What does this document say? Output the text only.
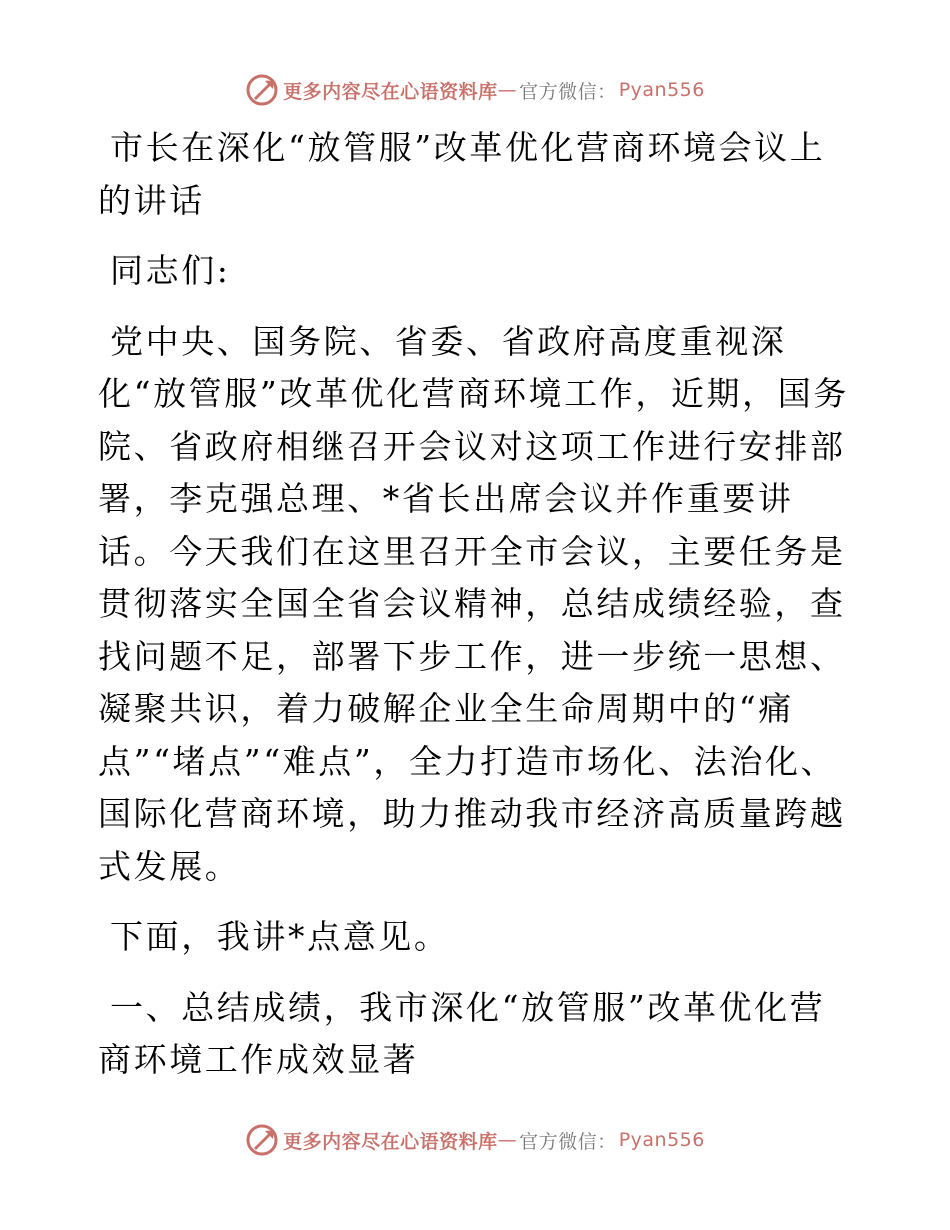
更多内容尽在心语资料库 — 官方微信： Pyan556

市长在深化“放管服”改革优化营商环境会议上的讲话

同志们:

党中央、国务院、省委、省政府高度重视深化“放管服”改革优化营商环境工作，近期，国务院、省政府相继召开会议对这项工作进行安排部署，李克强总理、*省长出席会议并作重要讲话。今天我们在这里召开全市会议，主要任务是贯彻落实全国全省会议精神，总结成绩经验，查找问题不足，部署下步工作，进一步统一思想、凝聚共识，着力破解企业全生命周期中的“痛点”“堵点”“难点”，全力打造市场化、法治化、国际化营商环境，助力推动我市经济高质量跨越式发展。

下面，我讲*点意见。

一、总结成绩，我市深化“放管服”改革优化营商环境工作成效显著

更多内容尽在心语资料库 — 官方微信： Pyan556
